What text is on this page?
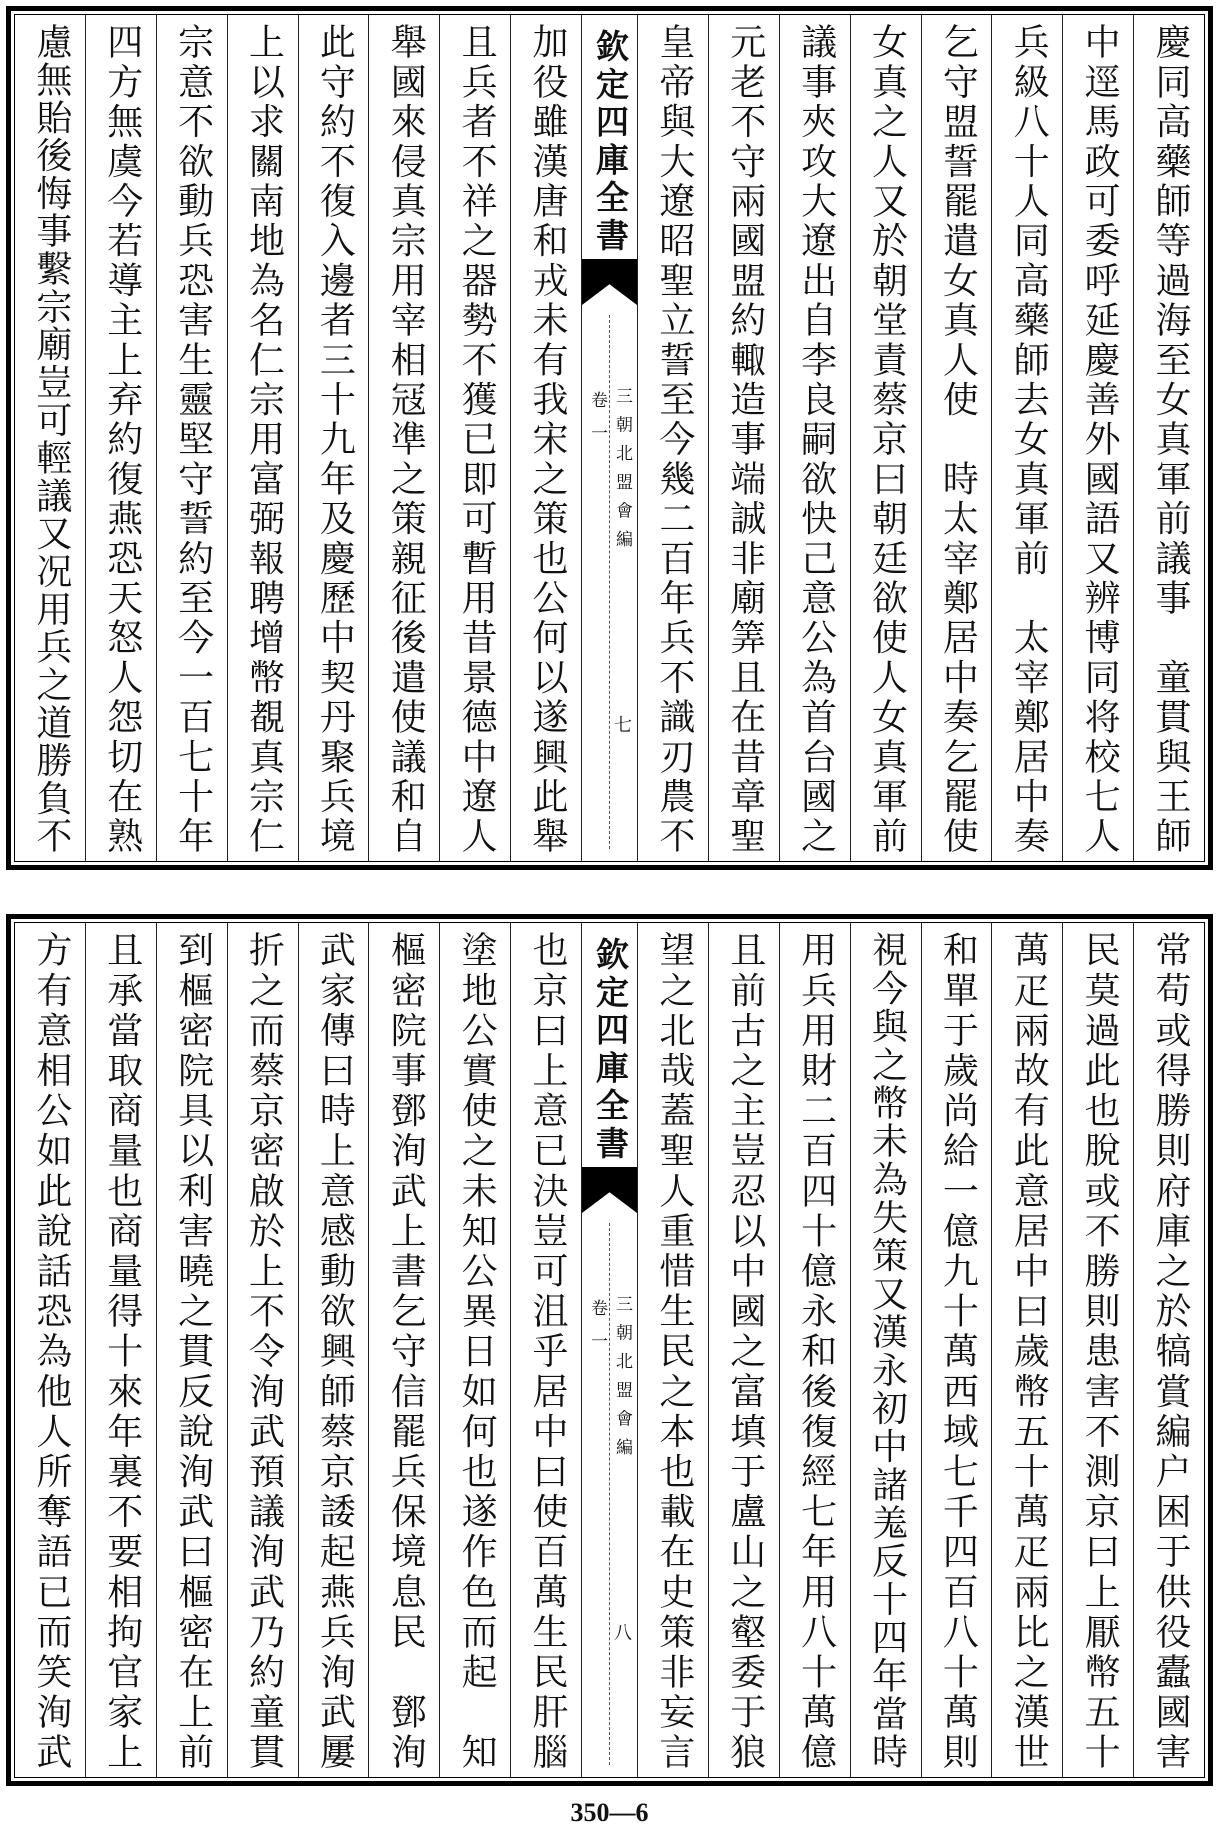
慶同高藥師等過海至女真軍前議事　童貫與王師
中逕馬政可委呼延慶善外國語又辨博同将校七人
兵級八十人同高藥師去女真軍前　太宰鄭居中奏
乞守盟誓罷遣女真人使　時太宰鄭居中奏乞罷使
女真之人又於朝堂責蔡京曰朝廷欲使人女真軍前
議事夾攻大遼出自李良嗣欲快己意公為首台國之
元老不守兩國盟約輙造事端誠非廟筭且在昔章聖
皇帝與大遼昭聖立誓至今幾二百年兵不識刃農不
欽定四庫全書
三朝北盟會編
卷一
七
加役雖漢唐和戎未有我宋之策也公何以遂興此舉
且兵者不祥之器勢不獲已即可暫用昔景德中遼人
舉國來侵真宗用宰相冦凖之策親征後遣使議和自
此守約不復入邊者三十九年及慶歷中契丹聚兵境
上以求關南地為名仁宗用富弼報聘增幣覩真宗仁
宗意不欲動兵恐害生靈堅守誓約至今一百七十年
四方無虞今若導主上弃約復燕恐天怒人怨切在熟
慮無貽後悔事繫宗廟豈可輕議又况用兵之道勝負不
常苟或得勝則府庫之於犒賞編户困于供役蠹國害
民莫過此也脫或不勝則患害不測京曰上厭幣五十
萬疋兩故有此意居中曰歲幣五十萬疋兩比之漢世
和單于歲尚給一億九十萬西域七千四百八十萬則
視今與之幣未為失策又漢永初中諸羗反十四年當時
用兵用財二百四十億永和後復經七年用八十萬億
且前古之主豈忍以中國之富填于盧山之壑委于狼
望之北哉蓋聖人重惜生民之本也載在史策非妄言
欽定四庫全書
三朝北盟會編
卷一
八
也京曰上意已決豈可沮乎居中曰使百萬生民肝腦
塗地公實使之未知公異日如何也遂作色而起　知
樞密院事鄧洵武上書乞守信罷兵保境息民　鄧洵
武家傳曰時上意感動欲興師蔡京諉起燕兵洵武屢
折之而蔡京密啟於上不令洵武預議洵武乃約童貫
到樞密院具以利害曉之貫反說洵武曰樞密在上前
且承當取商量也商量得十來年裏不要相拘官家上
方有意相公如此說話恐為他人所奪語已而笑洵武
350—6
